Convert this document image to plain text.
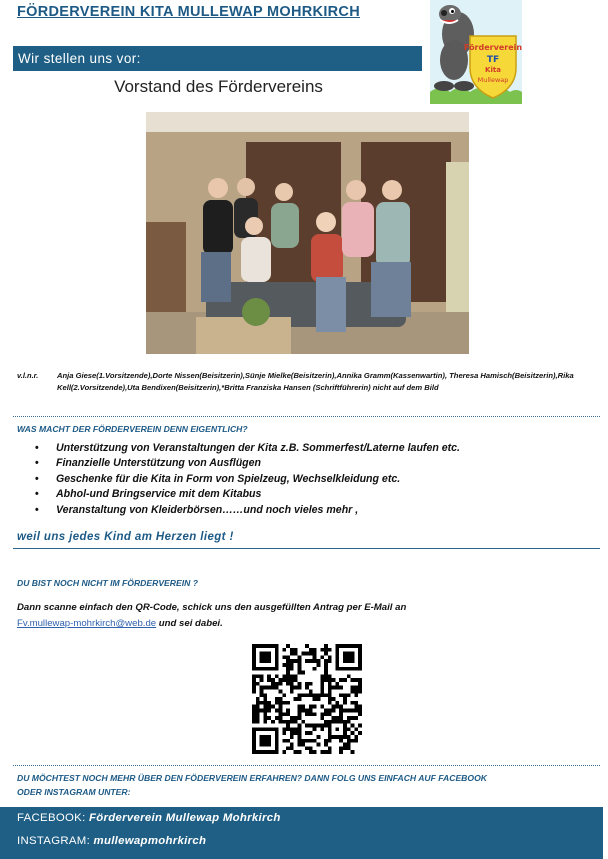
FÖRDERVEREIN KITA MULLEWAP MOHRKIRCH
Förderverein
TF
Kita
Mullewap
Wir stellen uns vor:
Vorstand des Fördervereins
v.l.n.r. Anja Giese(1.Vorsitzende),Dorte Nissen(Beisitzerin),Sünje Mielke(Beisitzerin),Annika Gramm(Kassenwartin), Theresa Hamisch(Beisitzerin),Rika Kell(2.Vorsitzende),Uta Bendixen(Beisitzerin),*Britta Franziska Hansen (Schriftführerin) nicht auf dem Bild
WAS MACHT DER FÖRDERVEREIN DENN EIGENTLICH?
• Unterstützung von Veranstaltungen der Kita z.B. Sommerfest/Laterne laufen etc.
• Finanzielle Unterstützung von Ausflügen
• Geschenke für die Kita in Form von Spielzeug, Wechselkleidung etc.
• Abhol-und Bringservice mit dem Kitabus
• Veranstaltung von Kleiderbörsen……und noch vieles mehr ,
weil uns jedes Kind am Herzen liegt !
DU BIST NOCH NICHT IM FÖRDERVEREIN ?
Dann scanne einfach den QR-Code, schick uns den ausgefüllten Antrag per E-Mail an
Fv.mullewap-mohrkirch@web.de und sei dabei.
DU MÖCHTEST NOCH MEHR ÜBER DEN FÖDERVEREIN ERFAHREN? DANN FOLG UNS EINFACH AUF FACEBOOK
ODER INSTAGRAM UNTER:
FACEBOOK: Förderverein Mullewap Mohrkirch
INSTAGRAM: mullewapmohrkirch
